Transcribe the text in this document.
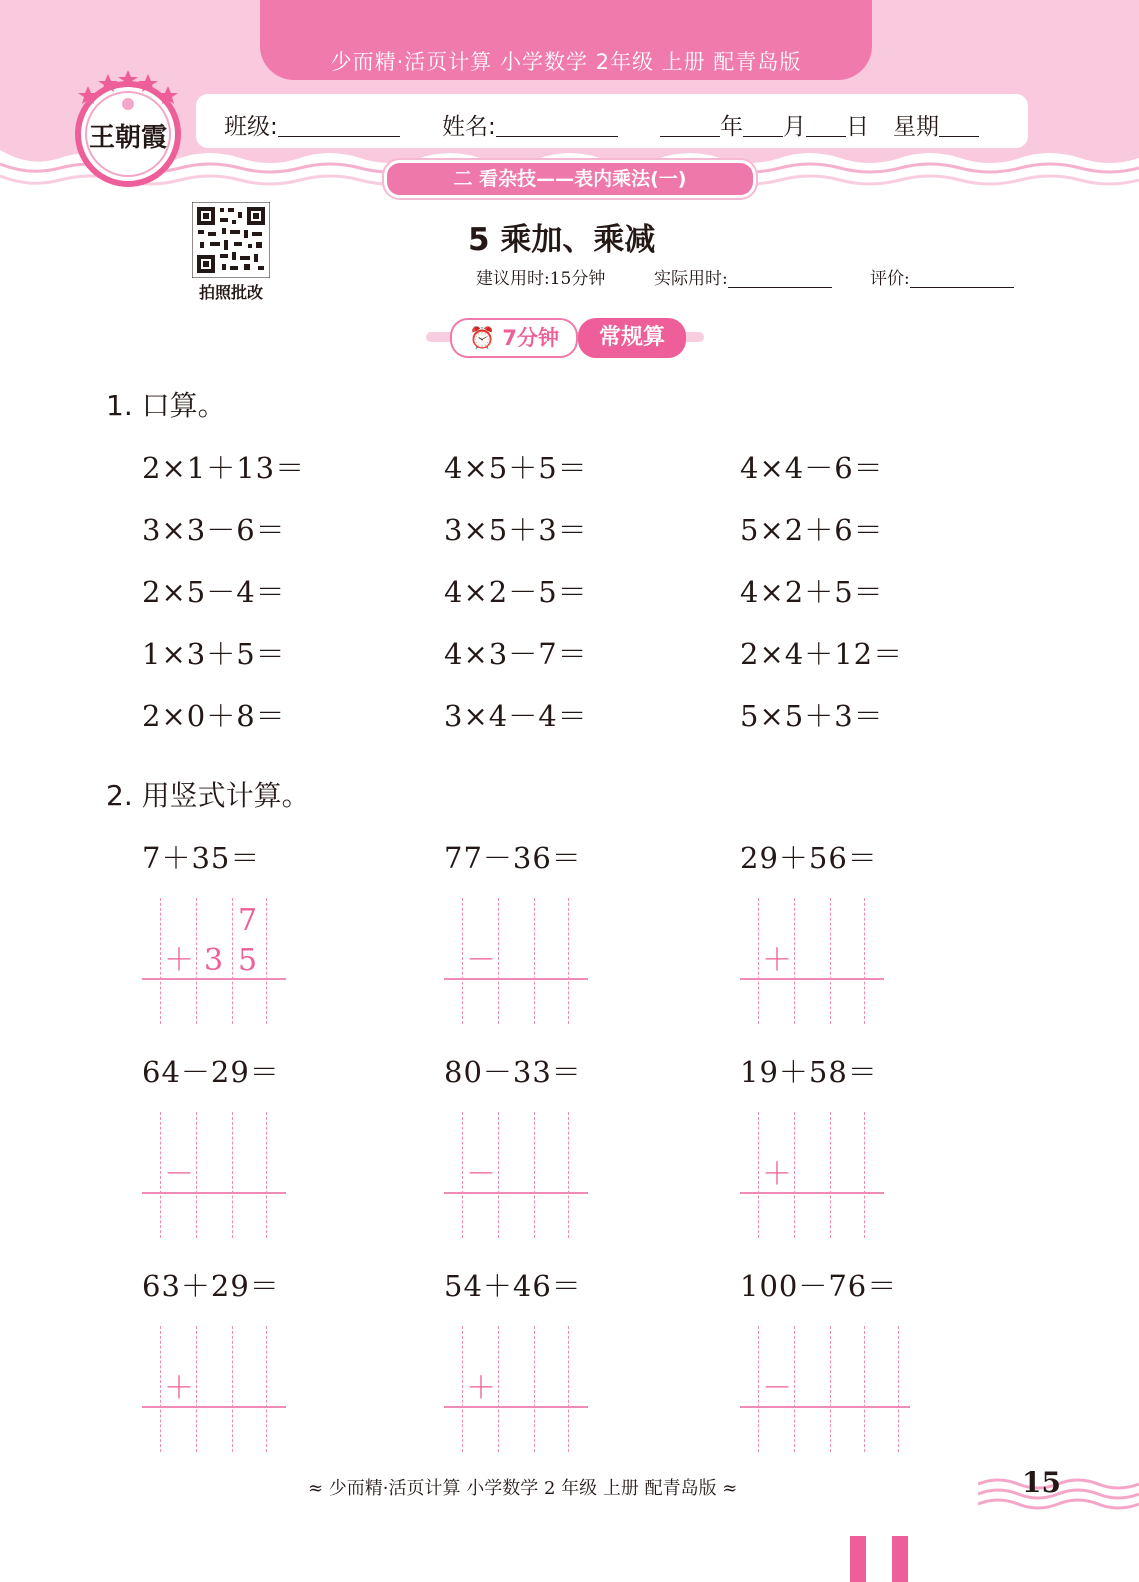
少而精·活页计算 小学数学 2年级 上册 配青岛版
班级:	姓名:	年 月 日 星期
二 看杂技——表内乘法(一)
王朝霞
拍照批改
5 乘加、乘减
建议用时:15分钟	实际用时:	评价:
⏰ 7分钟	常规算
1. 口算。
2×1＋13＝	4×5＋5＝	4×4－6＝
3×3－6＝	3×5＋3＝	5×2＋6＝
2×5－4＝	4×2－5＝	4×2＋5＝
1×3＋5＝	4×3－7＝	2×4＋12＝
2×0＋8＝	3×4－4＝	5×5＋3＝
2. 用竖式计算。
7＋35＝	77－36＝	29＋56＝
7
＋ 3 5	－	＋
64－29＝	80－33＝	19＋58＝
－	－	＋
63＋29＝	54＋46＝	100－76＝
＋	＋	－
≈ 少而精·活页计算 小学数学 2 年级 上册 配青岛版 ≈	15
